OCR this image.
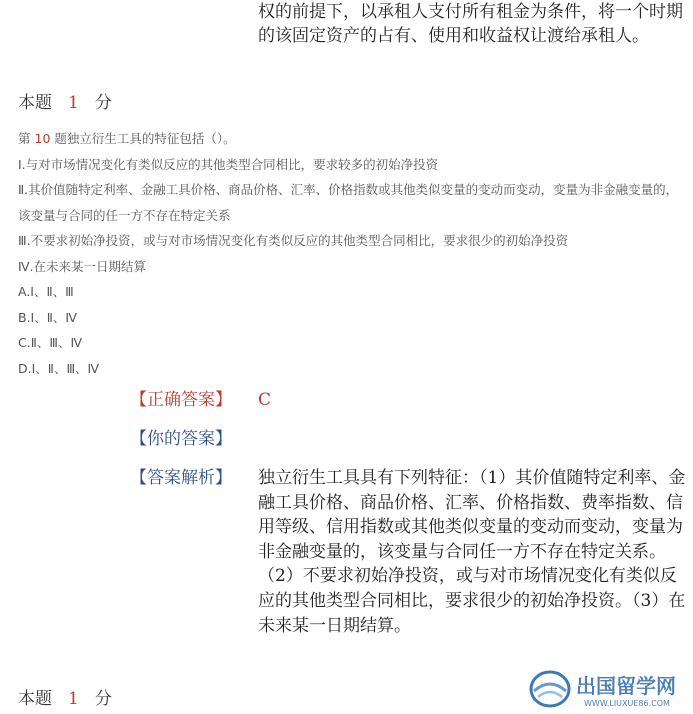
权的前提下，以承租人支付所有租金为条件，将一个时期的该固定资产的占有、使用和收益权让渡给承租人。
本题 1 分

第 10 题独立衍生工具的特征包括（）。

Ⅰ.与对市场情况变化有类似反应的其他类型合同相比，要求较多的初始净投资

Ⅱ.其价值随特定利率、金融工具价格、商品价格、汇率、价格指数或其他类似变量的变动而变动，变量为非金融变量的，该变量与合同的任一方不存在特定关系

Ⅲ.不要求初始净投资，或与对市场情况变化有类似反应的其他类型合同相比，要求很少的初始净投资

Ⅳ.在未来某一日期结算

A.Ⅰ、Ⅱ、Ⅲ

B.Ⅰ、Ⅱ、Ⅳ

C.Ⅱ、Ⅲ、Ⅳ

D.Ⅰ、Ⅱ、Ⅲ、Ⅳ

【正确答案】 C
【你的答案】
【答案解析】 独立衍生工具具有下列特征：（1）其价值随特定利率、金融工具价格、商品价格、汇率、价格指数、费率指数、信用等级、信用指数或其他类似变量的变动而变动，变量为非金融变量的，该变量与合同任一方不存在特定关系。（2）不要求初始净投资，或与对市场情况变化有类似反应的其他类型合同相比，要求很少的初始净投资。（3）在未来某一日期结算。
本题 1 分
出国留学网
WWW.LIUXUE86.COM
